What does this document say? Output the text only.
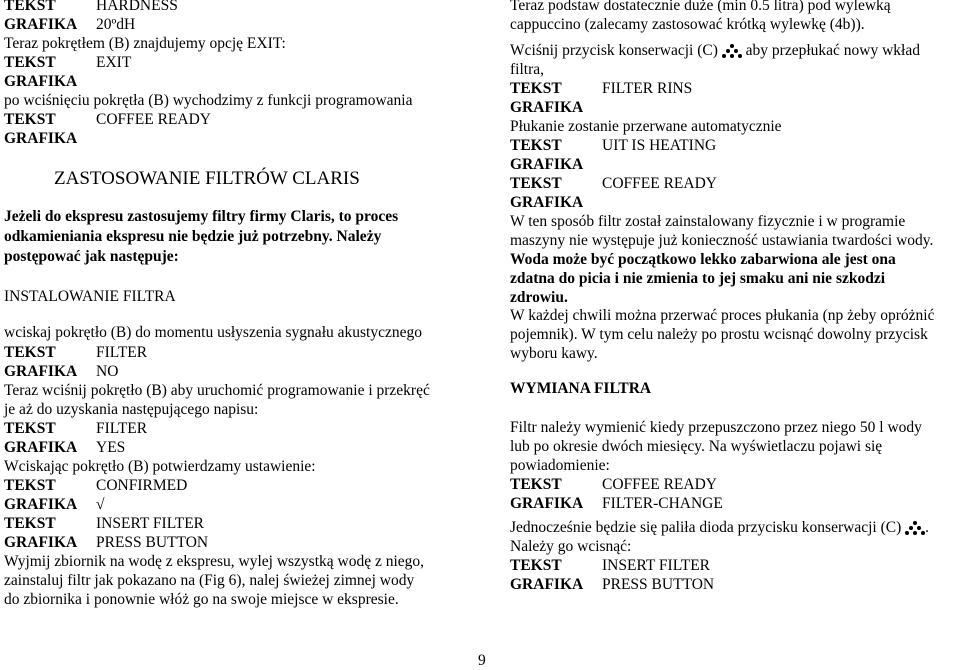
TEKST	HARDNESS
GRAFIKA 20ºdH
Teraz pokrętłem (B) znajdujemy opcję EXIT:
TEKST	EXIT
GRAFIKA
po wciśnięciu pokrętła (B) wychodzimy z funkcji programowania
TEKST	COFFEE READY
GRAFIKA
ZASTOSOWANIE FILTRÓW CLARIS
Jeżeli do ekspresu zastosujemy filtry firmy Claris, to proces
odkamieniania ekspresu nie będzie już potrzebny. Należy
postępować jak następuje:
INSTALOWANIE FILTRA
wciskaj pokrętło (B) do momentu usłyszenia sygnału akustycznego
TEKST	FILTER
GRAFIKA NO
Teraz wciśnij pokrętło (B) aby uruchomić programowanie i przekręć
je aż do uzyskania następującego napisu:
TEKST	FILTER
GRAFIKA YES
Wciskając pokrętło (B) potwierdzamy ustawienie:
TEKST	CONFIRMED
GRAFIKA √
TEKST	INSERT FILTER
GRAFIKA PRESS BUTTON
Wyjmij zbiornik na wodę z ekspresu, wylej wszystką wodę z niego,
zainstaluj filtr jak pokazano na (Fig 6), nalej świeżej zimnej wody
do zbiornika i ponownie włóż go na swoje miejsce w ekspresie.
Teraz podstaw dostatecznie duże (min 0.5 litra) pod wylewką
cappuccino (zalecamy zastosować krótką wylewkę (4b)).
Wciśnij przycisk konserwacji (C) aby przepłukać nowy wkład
filtra,
TEKST	FILTER RINS
GRAFIKA
Płukanie zostanie przerwane automatycznie
TEKST	UIT IS HEATING
GRAFIKA
TEKST	COFFEE READY
GRAFIKA
W ten sposób filtr został zainstalowany fizycznie i w programie
maszyny nie występuje już konieczność ustawiania twardości wody.
Woda może być początkowo lekko zabarwiona ale jest ona
zdatna do picia i nie zmienia to jej smaku ani nie szkodzi
zdrowiu.
W każdej chwili można przerwać proces płukania (np żeby opróżnić
pojemnik). W tym celu należy po prostu wcisnąć dowolny przycisk
wyboru kawy.
WYMIANA FILTRA
Filtr należy wymienić kiedy przepuszczono przez niego 50 l wody
lub po okresie dwóch miesięcy. Na wyświetlaczu pojawi się
powiadomienie:
TEKST	COFFEE READY
GRAFIKA FILTER-CHANGE
Jednocześnie będzie się paliła dioda przycisku konserwacji (C) .
Należy go wcisnąć:
TEKST	INSERT FILTER
GRAFIKA PRESS BUTTON
9
